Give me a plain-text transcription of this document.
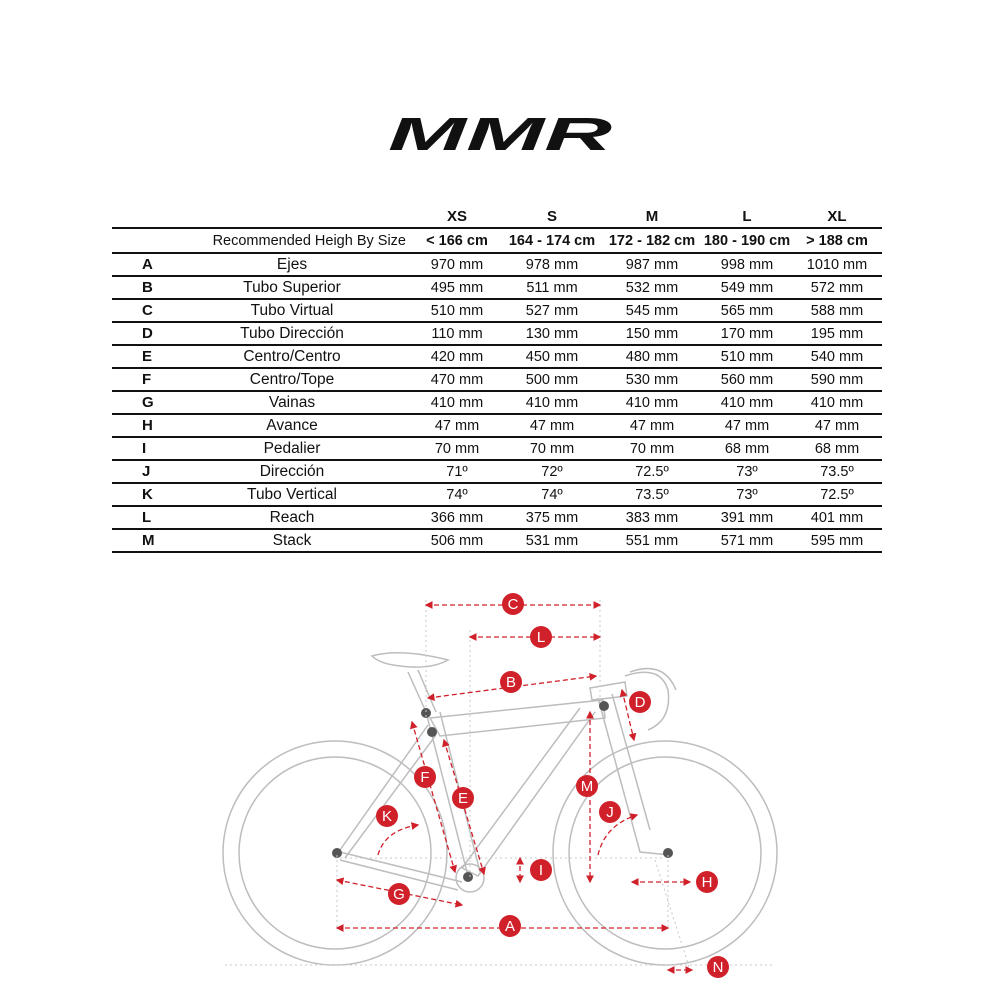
MMR
		XS	S	M	L	XL
Recommended Heigh By Size		< 166 cm	164 - 174 cm	172 - 182 cm	180 - 190 cm	> 188 cm
A	Ejes	970 mm	978 mm	987 mm	998 mm	1010 mm
B	Tubo Superior	495 mm	511 mm	532 mm	549 mm	572 mm
C	Tubo Virtual	510 mm	527 mm	545 mm	565 mm	588 mm
D	Tubo Dirección	110 mm	130 mm	150 mm	170 mm	195 mm
E	Centro/Centro	420 mm	450 mm	480 mm	510 mm	540 mm
F	Centro/Tope	470 mm	500 mm	530 mm	560 mm	590 mm
G	Vainas	410 mm	410 mm	410 mm	410 mm	410 mm
H	Avance	47 mm	47 mm	47 mm	47 mm	47 mm
I	Pedalier	70 mm	70 mm	70 mm	68 mm	68 mm
J	Dirección	71º	72º	72.5º	73º	73.5º
K	Tubo Vertical	74º	74º	73.5º	73º	72.5º
L	Reach	366 mm	375 mm	383 mm	391 mm	401 mm
M	Stack	506 mm	531 mm	551 mm	571 mm	595 mm
A
B
C
D
E
F
G
H
I
J
K
L
M
N
